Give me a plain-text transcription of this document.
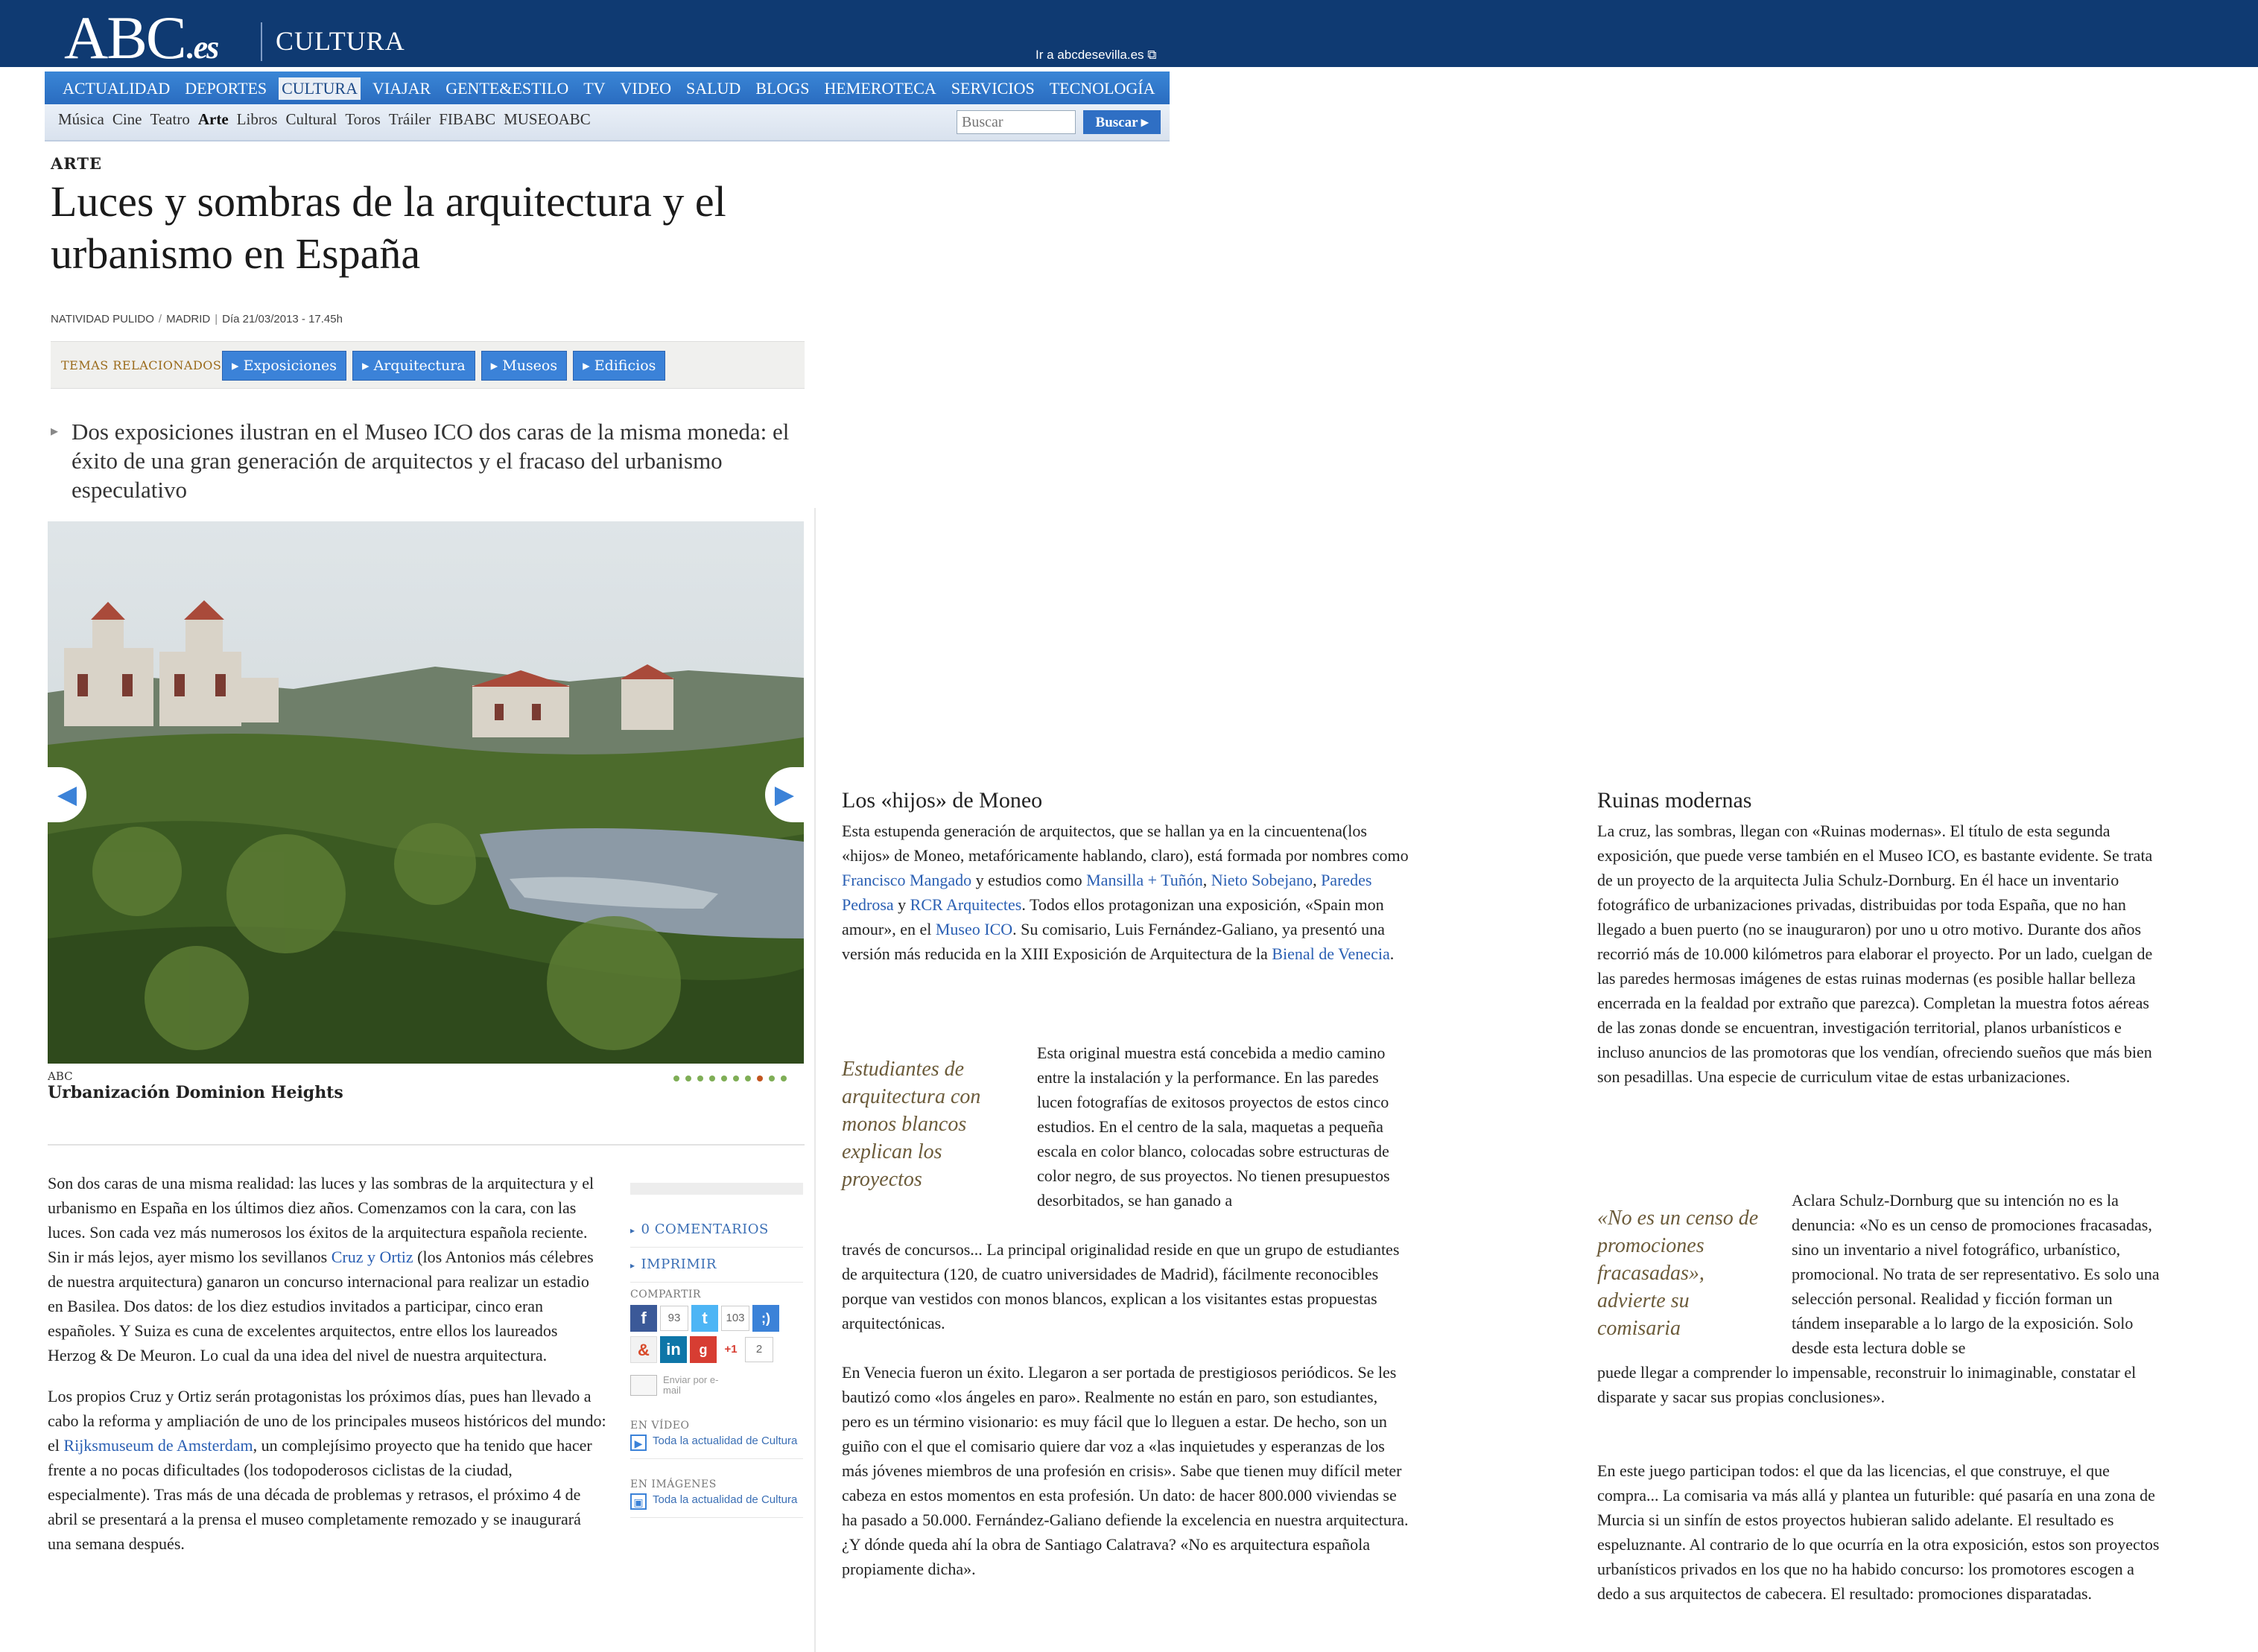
ABC.es CULTURA	Ir a abcdesevilla.es ⧉
ACTUALIDAD DEPORTES CULTURA VIAJAR GENTE&ESTILO TV VIDEO SALUD BLOGS HEMEROTECA SERVICIOS TECNOLOGÍA COPE
Música Cine Teatro Arte Libros Cultural Toros Tráiler FIBABC MUSEOABC
Buscar	Buscar ▸
ARTE
Luces y sombras de la arquitectura y el urbanismo en España
NATIVIDAD PULIDO / MADRID | Día 21/03/2013 - 17.45h
TEMAS RELACIONADOS ▸ Exposiciones	▸ Arquitectura	▸ Museos	▸ Edificios
▸ Dos exposiciones ilustran en el Museo ICO dos caras de la misma moneda: el éxito de una gran generación de arquitectos y el fracaso del urbanismo especulativo
◀	▶
ABC
Urbanización Dominion Heights

Son dos caras de una misma realidad: las luces y las sombras de la arquitectura y el urbanismo en España en los últimos diez años. Comenzamos con la cara, con las luces. Son cada vez más numerosos los éxitos de la arquitectura española reciente. Sin ir más lejos, ayer mismo los sevillanos Cruz y Ortiz (los Antonios más célebres de nuestra arquitectura) ganaron un concurso internacional para realizar un estadio en Basilea. Dos datos: de los diez estudios invitados a participar, cinco eran españoles. Y Suiza es cuna de excelentes arquitectos, entre ellos los laureados Herzog & De Meuron. Lo cual da una idea del nivel de nuestra arquitectura.

Los propios Cruz y Ortiz serán protagonistas los próximos días, pues han llevado a cabo la reforma y ampliación de uno de los principales museos históricos del mundo: el Rijksmuseum de Amsterdam, un complejísimo proyecto que ha tenido que hacer frente a no pocas dificultades (los todopoderosos ciclistas de la ciudad, especialmente). Tras más de una década de problemas y retrasos, el próximo 4 de abril se presentará a la prensa el museo completamente remozado y se inaugurará una semana después.

▸ 0 COMENTARIOS
▸ IMPRIMIR
COMPARTIR
f	93	t	103	;)
&	in	g	+1	2
Enviar por e-mail
EN VÍDEO
▶ Toda la actualidad de Cultura
EN IMÁGENES
▣ Toda la actualidad de Cultura
Los «hijos» de Moneo
Esta estupenda generación de arquitectos, que se hallan ya en la cincuentena(los «hijos» de Moneo, metafóricamente hablando, claro), está formada por nombres como Francisco Mangado y estudios como Mansilla + Tuñón, Nieto Sobejano, Paredes Pedrosa y RCR Arquitectes. Todos ellos protagonizan una exposición, «Spain mon amour», en el Museo ICO. Su comisario, Luis Fernández-Galiano, ya presentó una versión más reducida en la XIII Exposición de Arquitectura de la Bienal de Venecia.
Estudiantes de arquitectura con monos blancos explican los proyectos
Esta original muestra está concebida a medio camino entre la instalación y la performance. En las paredes lucen fotografías de exitosos proyectos de estos cinco estudios. En el centro de la sala, maquetas a pequeña escala en color blanco, colocadas sobre estructuras de color negro, de sus proyectos. No tienen presupuestos desorbitados, se han ganado a
través de concursos... La principal originalidad reside en que un grupo de estudiantes de arquitectura (120, de cuatro universidades de Madrid), fácilmente reconocibles porque van vestidos con monos blancos, explican a los visitantes estas propuestas arquitectónicas.
En Venecia fueron un éxito. Llegaron a ser portada de prestigiosos periódicos. Se les bautizó como «los ángeles en paro». Realmente no están en paro, son estudiantes, pero es un término visionario: es muy fácil que lo lleguen a estar. De hecho, son un guiño con el que el comisario quiere dar voz a «las inquietudes y esperanzas de los más jóvenes miembros de una profesión en crisis». Sabe que tienen muy difícil meter cabeza en estos momentos en esta profesión. Un dato: de hacer 800.000 viviendas se ha pasado a 50.000. Fernández-Galiano defiende la excelencia en nuestra arquitectura. ¿Y dónde queda ahí la obra de Santiago Calatrava? «No es arquitectura española propiamente dicha».
Ruinas modernas
La cruz, las sombras, llegan con «Ruinas modernas». El título de esta segunda exposición, que puede verse también en el Museo ICO, es bastante evidente. Se trata de un proyecto de la arquitecta Julia Schulz-Dornburg. En él hace un inventario fotográfico de urbanizaciones privadas, distribuidas por toda España, que no han llegado a buen puerto (no se inauguraron) por uno u otro motivo. Durante dos años recorrió más de 10.000 kilómetros para elaborar el proyecto. Por un lado, cuelgan de las paredes hermosas imágenes de estas ruinas modernas (es posible hallar belleza encerrada en la fealdad por extraño que parezca). Completan la muestra fotos aéreas de las zonas donde se encuentran, investigación territorial, planos urbanísticos e incluso anuncios de las promotoras que los vendían, ofreciendo sueños que más bien son pesadillas. Una especie de curriculum vitae de estas urbanizaciones.
«No es un censo de promociones fracasadas», advierte su comisaria
Aclara Schulz-Dornburg que su intención no es la denuncia: «No es un censo de promociones fracasadas, sino un inventario a nivel fotográfico, urbanístico, promocional. No trata de ser representativo. Es solo una selección personal. Realidad y ficción forman un tándem inseparable a lo largo de la exposición. Solo desde esta lectura doble se
puede llegar a comprender lo impensable, reconstruir lo inimaginable, constatar el disparate y sacar sus propias conclusiones».
En este juego participan todos: el que da las licencias, el que construye, el que compra... La comisaria va más allá y plantea un futurible: qué pasaría en una zona de Murcia si un sinfín de estos proyectos hubieran salido adelante. El resultado es espeluznante. Al contrario de lo que ocurría en la otra exposición, estos son proyectos urbanísticos privados en los que no ha habido concurso: los promotores escogen a dedo a sus arquitectos de cabecera. El resultado: promociones disparatadas.
